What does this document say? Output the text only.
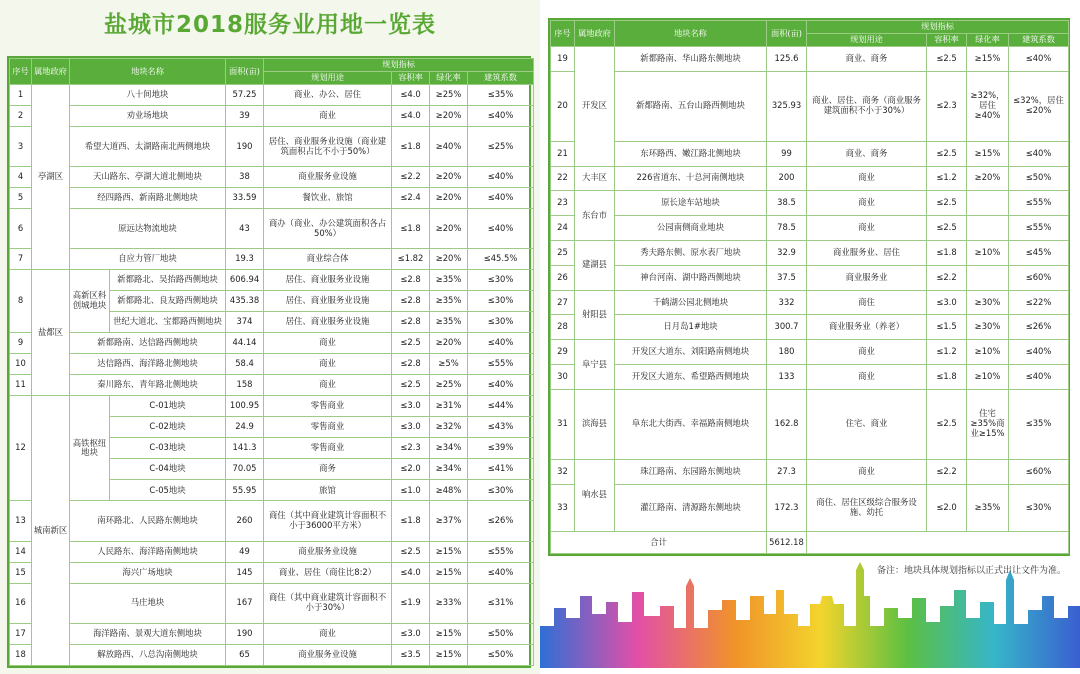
盐城市2018服务业用地一览表
序号	属地政府	地块名称		面积(亩)	规划指标			
					规划用途	容积率	绿化率	建筑系数
1	亭湖区	八十间地块		57.25	商业、办公、居住	≤4.0	≥25%	≤35%
2		劝业场地块		39	商业	≤4.0	≥20%	≤40%
3		希望大道西、太湖路南北两侧地块		190	居住、商业服务业设施（商业建筑面积占比不小于50%）	≤1.8	≥40%	≤25%
4		天山路东、亭湖大道北侧地块		38	商业服务业设施	≤2.2	≥20%	≤40%
5		经四路西、新南路北侧地块		33.59	餐饮业、旅馆	≤2.4	≥20%	≤40%
6		原远达物流地块		43	商办（商业、办公建筑面积各占50%）	≤1.8	≥20%	≤40%
7		自应力管厂地块		19.3	商业综合体	≤1.82	≥20%	≤45.5%
8	盐都区	高新区科创城地块	新都路北、吴抬路西侧地块	606.94	居住、商业服务业设施	≤2.8	≥35%	≤30%
			新都路北、良友路西侧地块	435.38	居住、商业服务业设施	≤2.8	≥35%	≤30%
			世纪大道北、宝都路西侧地块	374	居住、商业服务业设施	≤2.8	≥35%	≤30%
9		新都路南、达信路西侧地块		44.14	商业	≤2.5	≥20%	≤40%
10		达信路西、海洋路北侧地块		58.4	商业	≤2.8	≥5%	≤55%
11		秦川路东、青年路北侧地块		158	商业	≤2.5	≥25%	≤40%
12	城南新区	高铁枢纽地块	C-01地块	100.95	零售商业	≤3.0	≥31%	≤44%
			C-02地块	24.9	零售商业	≤3.0	≥32%	≤43%
			C-03地块	141.3	零售商业	≤2.3	≥34%	≤39%
			C-04地块	70.05	商务	≤2.0	≥34%	≤41%
			C-05地块	55.95	旅馆	≤1.0	≥48%	≤30%
13		南环路北、人民路东侧地块		260	商住（其中商业建筑计容面积不小于36000平方米）	≤1.8	≥37%	≤26%
14		人民路东、海洋路南侧地块		49	商业服务业设施	≤2.5	≥15%	≤55%
15		海兴广场地块		145	商业、居住（商住比8:2）	≤4.0	≥15%	≤40%
16		马庄地块		167	商住（其中商业建筑计容面积不小于30%）	≤1.9	≥33%	≤31%
17		海洋路南、景观大道东侧地块		190	商业	≤3.0	≥15%	≤50%
18		解放路西、八总沟南侧地块		65	商业服务业设施	≤3.5	≥15%	≤50%
序号	属地政府	地块名称	面积(亩)	规划指标			
				规划用途	容积率	绿化率	建筑系数
19	开发区	新都路南、华山路东侧地块	125.6	商业、商务	≤2.5	≥15%	≤40%
20		新都路南、五台山路西侧地块	325.93	商业、居住、商务（商业服务建筑面积不小于30%）	≤2.3	≥32%，居住≥40%	≤32%，居住≤20%
21		东环路西、嫩江路北侧地块	99	商业、商务	≤2.5	≥15%	≤40%
22	大丰区	226省道东、十总河南侧地块	200	商业	≤1.2	≥20%	≤50%
23	东台市	原长途车站地块	38.5	商业	≤2.5		≤55%
24		公园南侧商业地块	78.5	商业	≤2.5		≤55%
25	建湖县	秀夫路东侧、原水表厂地块	32.9	商业服务业、居住	≤1.8	≥10%	≤45%
26		神台河南、湖中路西侧地块	37.5	商业服务业	≤2.2		≤60%
27	射阳县	千鹤湖公园北侧地块	332	商住	≤3.0	≥30%	≤22%
28		日月岛1#地块	300.7	商业服务业（养老）	≤1.5	≥30%	≤26%
29	阜宁县	开发区大道东、刘阳路南侧地块	180	商业	≤1.2	≥10%	≤40%
30		开发区大道东、希望路西侧地块	133	商业	≤1.8	≥10%	≤40%
31	滨海县	阜东北大街西、幸福路南侧地块	162.8	住宅、商业	≤2.5	住宅≥35%商业≥15%	≤35%
32	响水县	珠江路南、东园路东侧地块	27.3	商业	≤2.2		≤60%
33		灌江路南、清源路东侧地块	172.3	商住、居住区级综合服务设施、幼托	≤2.0	≥35%	≤30%
合计			5612.18				
备注：地块具体规划指标以正式出让文件为准。
